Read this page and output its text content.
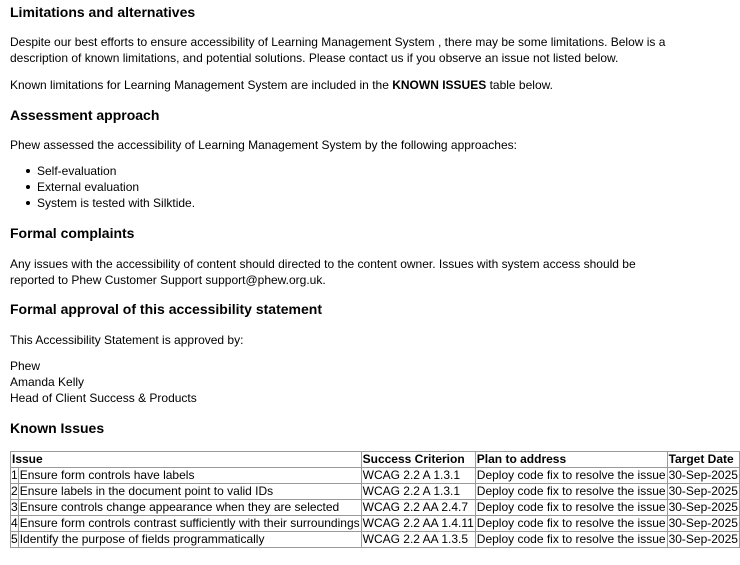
Limitations and alternatives

Despite our best efforts to ensure accessibility of Learning Management System , there may be some limitations. Below is a description of known limitations, and potential solutions. Please contact us if you observe an issue not listed below.

Known limitations for Learning Management System are included in the KNOWN ISSUES table below.

Assessment approach

Phew assessed the accessibility of Learning Management System by the following approaches:

Self-evaluation
External evaluation
System is tested with Silktide.
Formal complaints

Any issues with the accessibility of content should directed to the content owner. Issues with system access should be reported to Phew Customer Support support@phew.org.uk.

Formal approval of this accessibility statement

This Accessibility Statement is approved by:

Phew

Amanda Kelly

Head of Client Success & Products

Known Issues
Issue		Success Criterion	Plan to address	Target Date
1	Ensure form controls have labels	WCAG 2.2 A 1.3.1	Deploy code fix to resolve the issue	30-Sep-2025
2	Ensure labels in the document point to valid IDs	WCAG 2.2 A 1.3.1	Deploy code fix to resolve the issue	30-Sep-2025
3	Ensure controls change appearance when they are selected	WCAG 2.2 AA 2.4.7	Deploy code fix to resolve the issue	30-Sep-2025
4	Ensure form controls contrast sufficiently with their surroundings	WCAG 2.2 AA 1.4.11	Deploy code fix to resolve the issue	30-Sep-2025
5	Identify the purpose of fields programmatically	WCAG 2.2 AA 1.3.5	Deploy code fix to resolve the issue	30-Sep-2025
